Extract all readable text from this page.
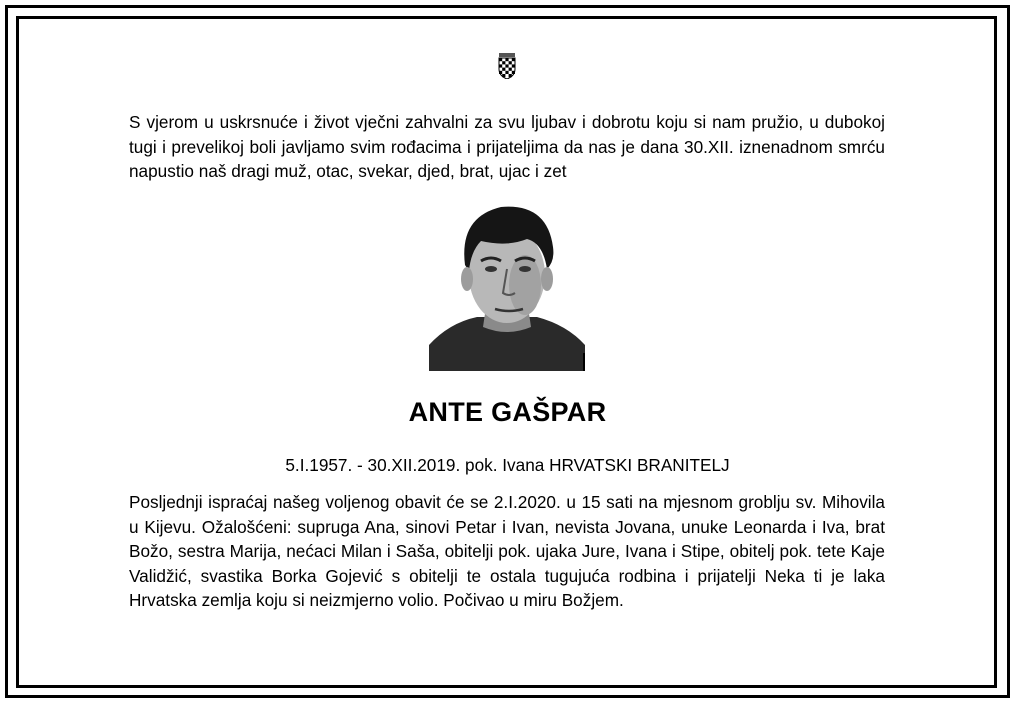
S vjerom u uskrsnuće i život vječni zahvalni za svu ljubav i dobrotu koju si nam pružio, u dubokoj tugi i prevelikoj boli javljamo svim rođacima i prijateljima da nas je dana 30.XII. iznenadnom smrću napustio naš dragi muž, otac, svekar, djed, brat, ujac i zet

ANTE GAŠPAR

5.I.1957. - 30.XII.2019. pok. Ivana HRVATSKI BRANITELJ

Posljednji ispraćaj našeg voljenog obavit će se 2.I.2020. u 15 sati na mjesnom groblju sv. Mihovila u Kijevu. Ožalošćeni: supruga Ana, sinovi Petar i Ivan, nevista Jovana, unuke Leonarda i Iva, brat Božo, sestra Marija, nećaci Milan i Saša, obitelji pok. ujaka Jure, Ivana i Stipe, obitelj pok. tete Kaje Validžić, svastika Borka Gojević s obitelji te ostala tugujuća rodbina i prijatelji Neka ti je laka Hrvatska zemlja koju si neizmjerno volio. Počivao u miru Božjem.
